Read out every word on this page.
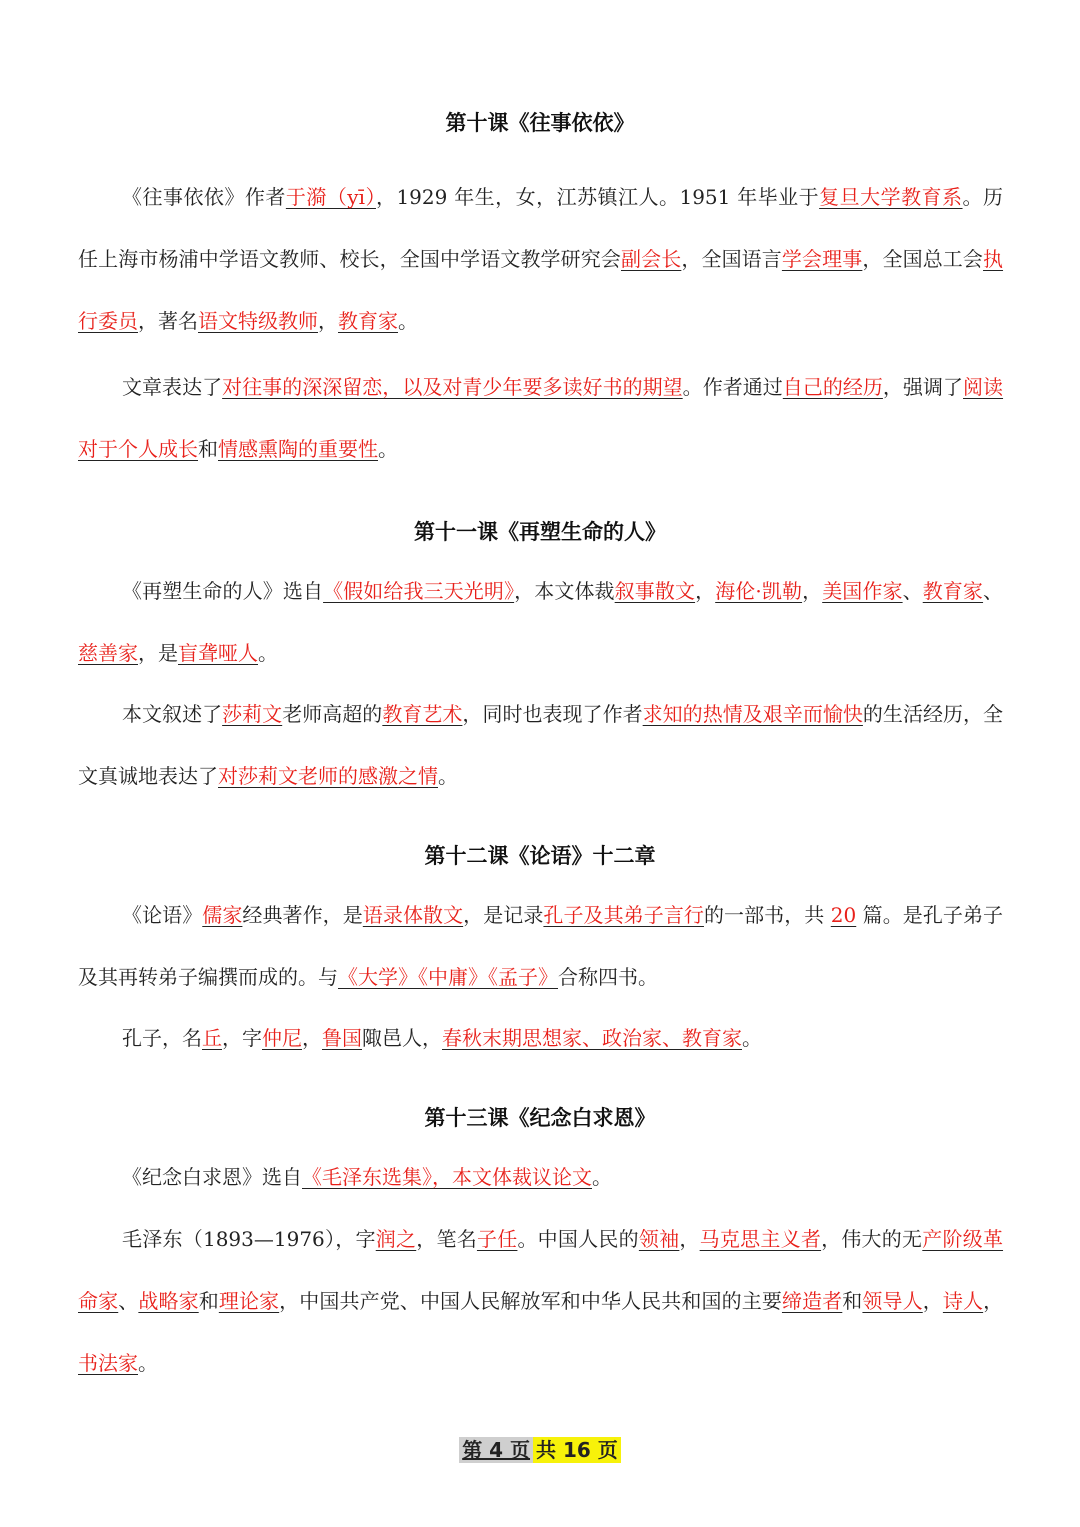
第十课《往事依依》
《往事依依》作者于漪（yī），1929 年生，女，江苏镇江人。1951 年毕业于复旦大学教育系。历任上海市杨浦中学语文教师、校长，全国中学语文教学研究会副会长，全国语言学会理事，全国总工会执行委员，著名语文特级教师，教育家。
文章表达了对往事的深深留恋，以及对青少年要多读好书的期望。作者通过自己的经历，强调了阅读对于个人成长和情感熏陶的重要性。
第十一课《再塑生命的人》
《再塑生命的人》选自《假如给我三天光明》，本文体裁叙事散文，海伦·凯勒，美国作家、教育家、慈善家，是盲聋哑人。
本文叙述了莎莉文老师高超的教育艺术，同时也表现了作者求知的热情及艰辛而愉快的生活经历，全文真诚地表达了对莎莉文老师的感激之情。
第十二课《论语》十二章
《论语》儒家经典著作，是语录体散文，是记录孔子及其弟子言行的一部书，共 20 篇。是孔子弟子及其再转弟子编撰而成的。与《大学》《中庸》《孟子》合称四书。
孔子，名丘，字仲尼，鲁国陬邑人，春秋末期思想家、政治家、教育家。
第十三课《纪念白求恩》
《纪念白求恩》选自《毛泽东选集》，本文体裁议论文。
毛泽东（1893—1976），字润之，笔名子任。中国人民的领袖，马克思主义者，伟大的无产阶级革命家、战略家和理论家，中国共产党、中国人民解放军和中华人民共和国的主要缔造者和领导人，诗人，书法家。
第 4 页 共 16 页
